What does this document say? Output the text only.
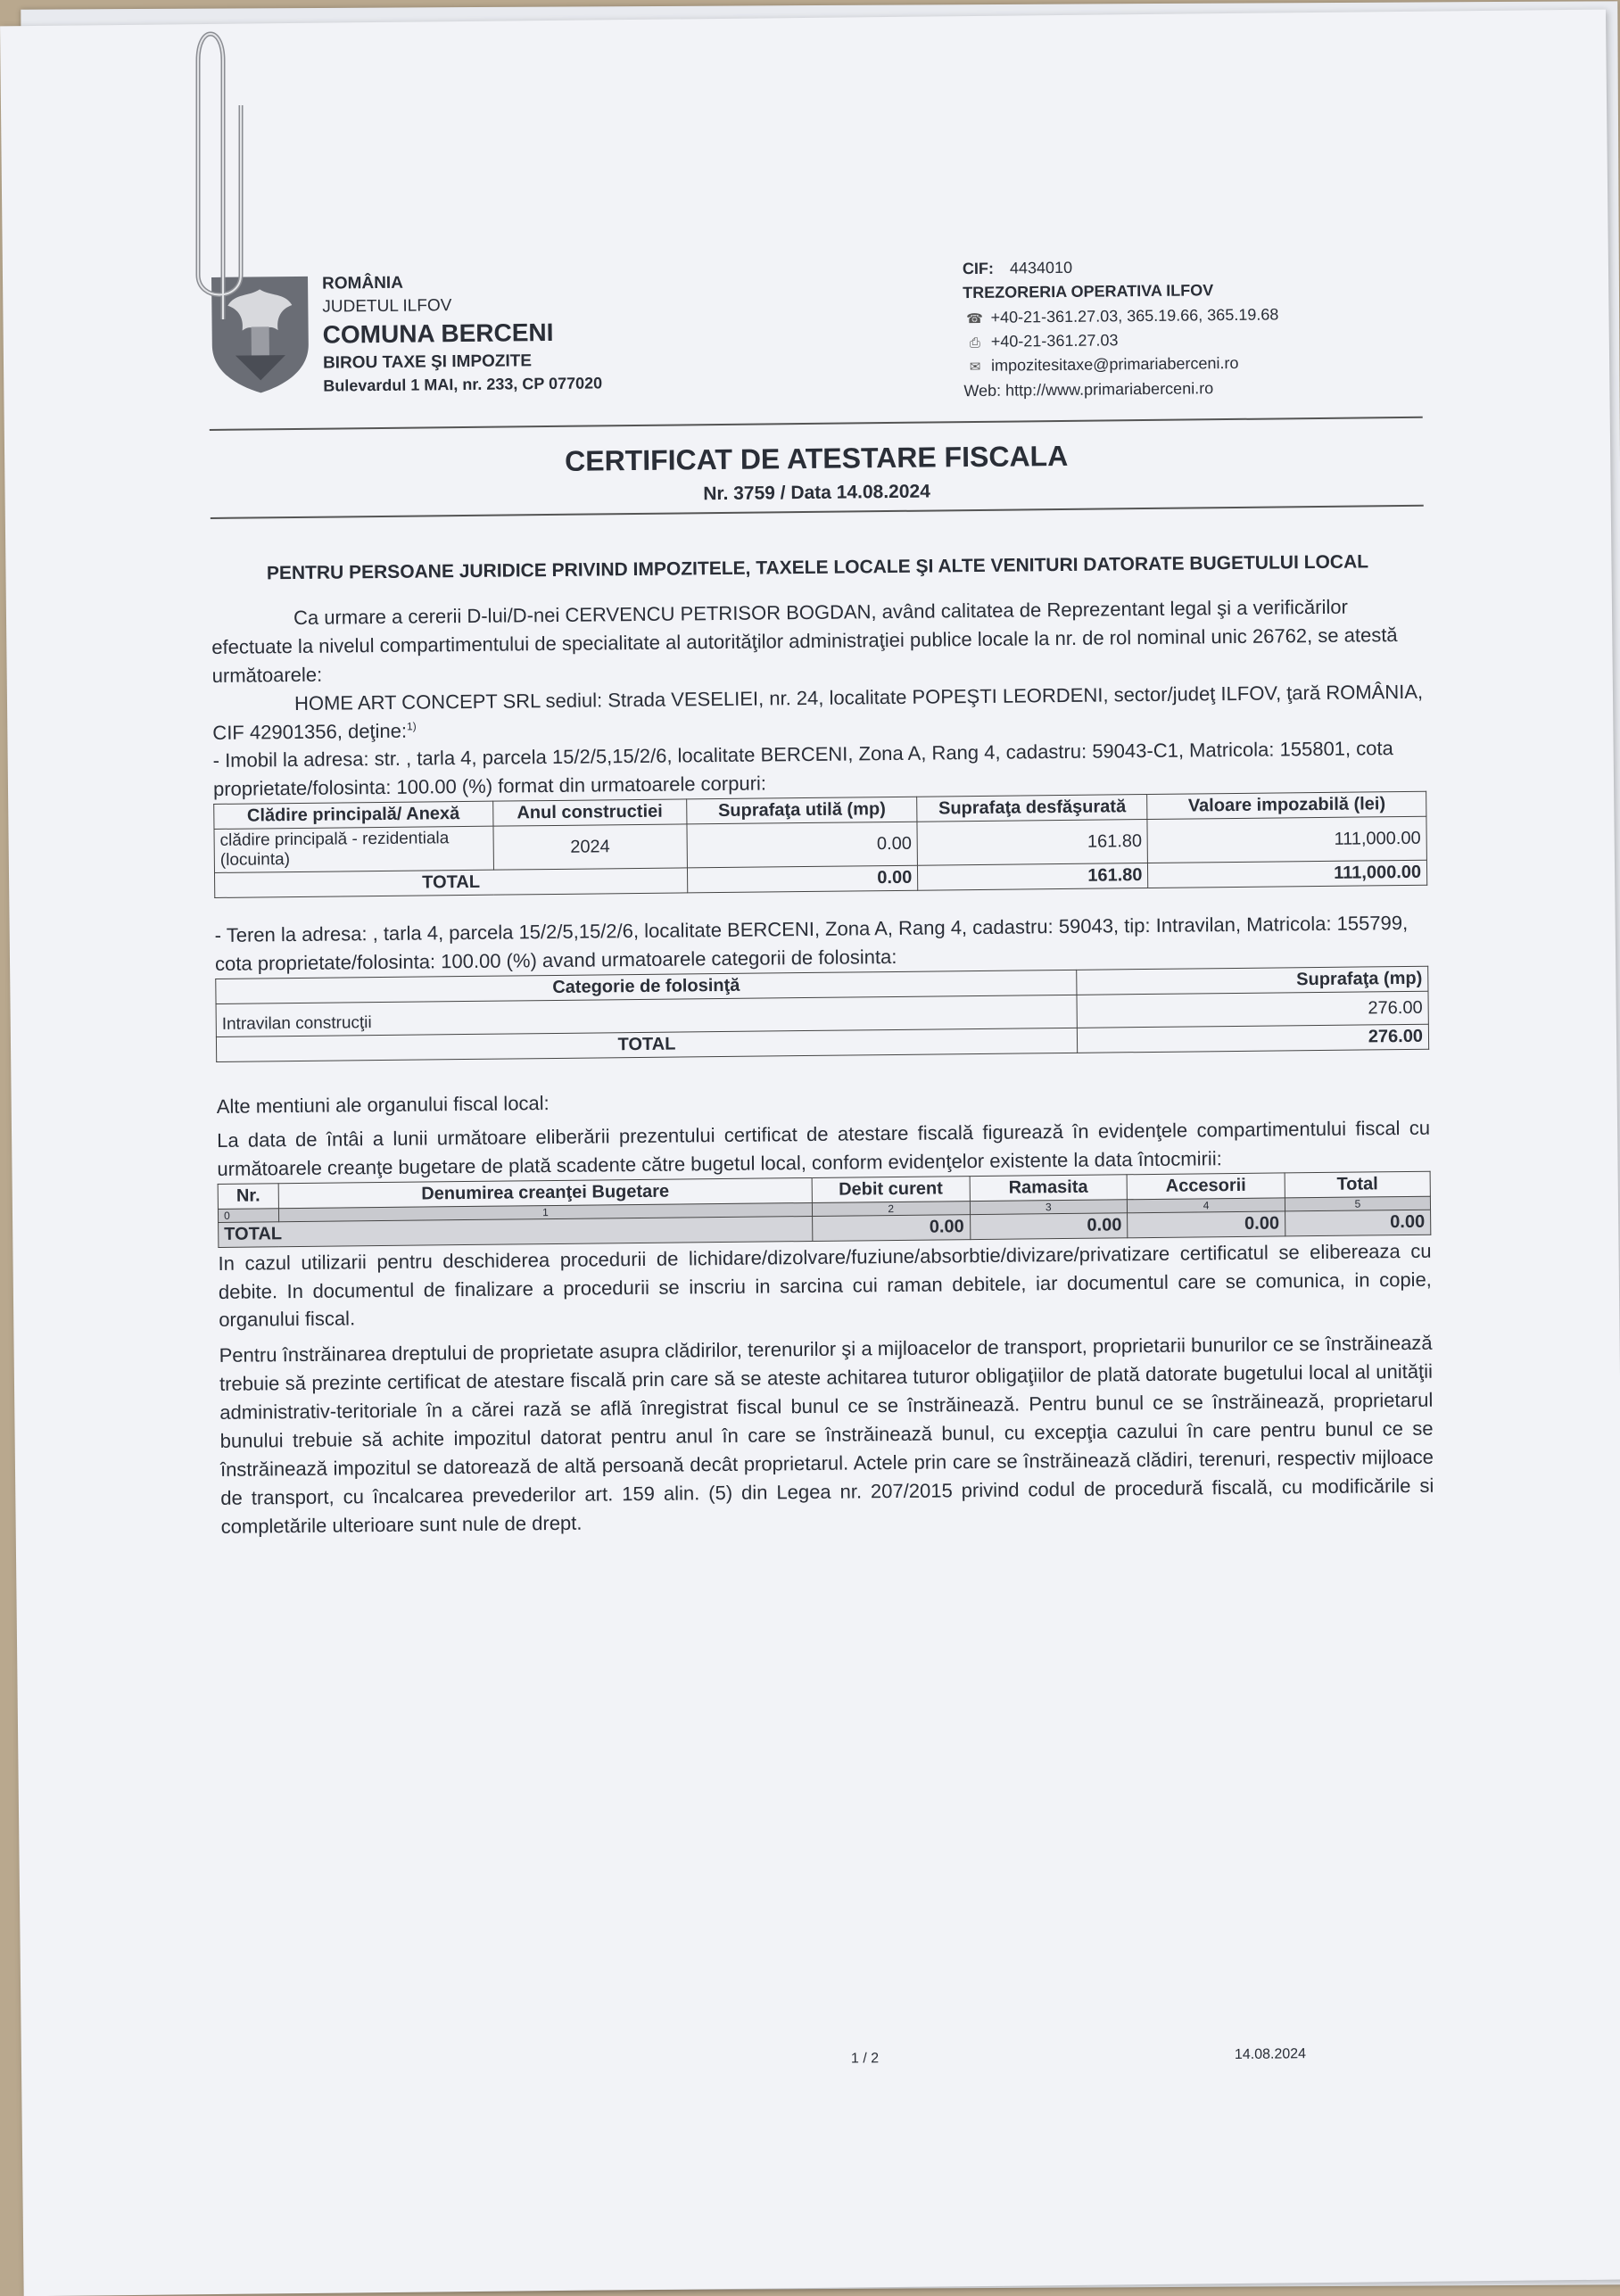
ROMÂNIA
JUDETUL ILFOV
COMUNA BERCENI
BIROU TAXE ŞI IMPOZITE
Bulevardul 1 MAI, nr. 233, CP 077020
CIF: 4434010
TREZORERIA OPERATIVA ILFOV
☎ +40-21-361.27.03, 365.19.66, 365.19.68
⎙ +40-21-361.27.03
✉ impozitesitaxe@primariaberceni.ro
Web: http://www.primariaberceni.ro
CERTIFICAT DE ATESTARE FISCALA
Nr. 3759 / Data 14.08.2024
PENTRU PERSOANE JURIDICE PRIVIND IMPOZITELE, TAXELE LOCALE ŞI ALTE VENITURI DATORATE BUGETULUI LOCAL

Ca urmare a cererii D-lui/D-nei CERVENCU PETRISOR BOGDAN, având calitatea de Reprezentant legal şi a verificărilor efectuate la nivelul compartimentului de specialitate al autorităţilor administraţiei publice locale la nr. de rol nominal unic 26762, se atestă următoarele:

HOME ART CONCEPT SRL sediul: Strada VESELIEI, nr. 24, localitate POPEŞTI LEORDENI, sector/judeţ ILFOV, ţară ROMÂNIA, CIF 42901356, deţine:$^{1)}$

- Imobil la adresa: str. , tarla 4, parcela 15/2/5,15/2/6, localitate BERCENI, Zona A, Rang 4, cadastru: 59043-C1, Matricola: 155801, cota proprietate/folosinta: 100.00 (%) format din urmatoarele corpuri:

Clădire principală/ Anexă	Anul constructiei	Suprafaţa utilă (mp)	Suprafaţa desfăşurată	Valoare impozabilă (lei)
clădire principală - rezidentiala (locuinta)	2024	0.00	161.80	111,000.00
TOTAL		0.00	161.80	111,000.00

- Teren la adresa: , tarla 4, parcela 15/2/5,15/2/6, localitate BERCENI, Zona A, Rang 4, cadastru: 59043, tip: Intravilan, Matricola: 155799, cota proprietate/folosinta: 100.00 (%) avand urmatoarele categorii de folosinta:

Categorie de folosinţă	Suprafaţa (mp)
Intravilan construcţii	276.00
TOTAL	276.00

Alte mentiuni ale organului fiscal local:

La data de întâi a lunii următoare eliberării prezentului certificat de atestare fiscală figurează în evidenţele compartimentului fiscal cu următoarele creanţe bugetare de plată scadente către bugetul local, conform evidenţelor existente la data întocmirii:

Nr.	Denumirea creanţei Bugetare	Debit curent	Ramasita	Accesorii	Total
0	1	2	3	4	5
TOTAL		0.00	0.00	0.00	0.00

In cazul utilizarii pentru deschiderea procedurii de lichidare/dizolvare/fuziune/absorbtie/divizare/privatizare certificatul se elibereaza cu debite. In documentul de finalizare a procedurii se inscriu in sarcina cui raman debitele, iar documentul care se comunica, in copie, organului fiscal.

Pentru înstrăinarea dreptului de proprietate asupra clădirilor, terenurilor şi a mijloacelor de transport, proprietarii bunurilor ce se înstrăinează trebuie să prezinte certificat de atestare fiscală prin care să se ateste achitarea tuturor obligaţiilor de plată datorate bugetului local al unităţii administrativ-teritoriale în a cărei rază se află înregistrat fiscal bunul ce se înstrăinează. Pentru bunul ce se înstrăinează, proprietarul bunului trebuie să achite impozitul datorat pentru anul în care se înstrăinează bunul, cu excepţia cazului în care pentru bunul ce se înstrăinează impozitul se datorează de altă persoană decât proprietarul. Actele prin care se înstrăinează clădiri, terenuri, respectiv mijloace de transport, cu încalcarea prevederilor art. 159 alin. (5) din Legea nr. 207/2015 privind codul de procedură fiscală, cu modificările si completările ulterioare sunt nule de drept.

1 / 2	14.08.2024
